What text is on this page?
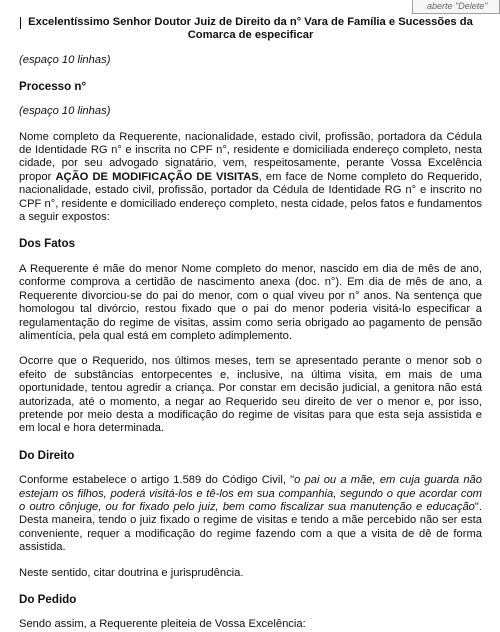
aberte "Delete"

Excelentíssimo Senhor Doutor Juiz de Direito da n° Vara de Família e Sucessões da Comarca de especificar

(espaço 10 linhas)

Processo n°

(espaço 10 linhas)

Nome completo da Requerente, nacionalidade, estado civil, profissão, portadora da Cédula de Identidade RG n° e inscrita no CPF n°, residente e domiciliada endereço completo, nesta cidade, por seu advogado signatário, vem, respeitosamente, perante Vossa Excelência propor AÇÃO DE MODIFICAÇÃO DE VISITAS, em face de Nome completo do Requerido, nacionalidade, estado civil, profissão, portador da Cédula de Identidade RG n° e inscrito no CPF n°, residente e domiciliado endereço completo, nesta cidade, pelos fatos e fundamentos a seguir expostos:

Dos Fatos

A Requerente é mãe do menor Nome completo do menor, nascido em dia de mês de ano, conforme comprova a certidão de nascimento anexa (doc. n°). Em dia de mês de ano, a Requerente divorciou-se do pai do menor, com o qual viveu por n° anos. Na sentença que homologou tal divórcio, restou fixado que o pai do menor poderia visitá-lo especificar a regulamentação do regime de visitas, assim como seria obrigado ao pagamento de pensão alimentícia, pela qual está em completo adimplemento.

Ocorre que o Requerido, nos últimos meses, tem se apresentado perante o menor sob o efeito de substâncias entorpecentes e, inclusive, na última visita, em mais de uma oportunidade, tentou agredir a criança. Por constar em decisão judicial, a genitora não está autorizada, até o momento, a negar ao Requerido seu direito de ver o menor e, por isso, pretende por meio desta a modificação do regime de visitas para que esta seja assistida e em local e hora determinada.

Do Direito

Conforme estabelece o artigo 1.589 do Código Civil, "o pai ou a mãe, em cuja guarda não estejam os filhos, poderá visitá-los e tê-los em sua companhia, segundo o que acordar com o outro cônjuge, ou for fixado pelo juiz, bem como fiscalizar sua manutenção e educação". Desta maneira, tendo o juiz fixado o regime de visitas e tendo a mãe percebido não ser esta conveniente, requer a modificação do regime fazendo com a que a visita de dê de forma assistida.

Neste sentido, citar doutrina e jurisprudência.

Do Pedido

Sendo assim, a Requerente pleiteia de Vossa Excelência:
